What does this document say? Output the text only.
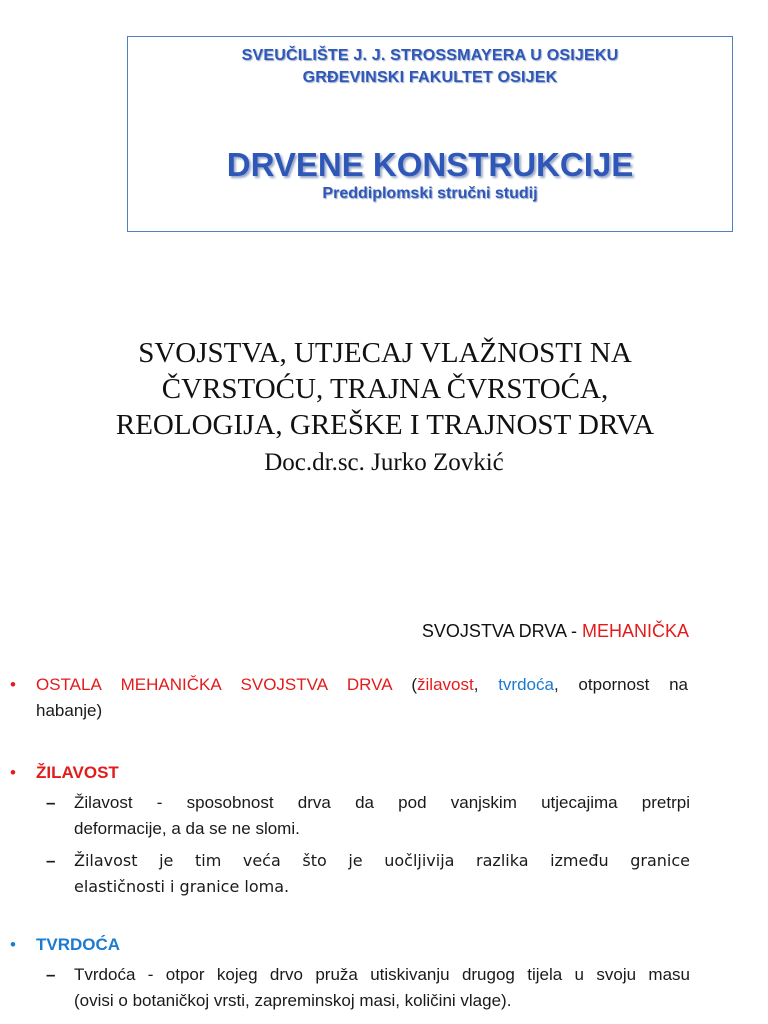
SVEUČILIŠTE J. J. STROSSMAYERA U OSIJEKU
GRĐEVINSKI FAKULTET OSIJEK
DRVENE KONSTRUKCIJE
Preddiplomski stručni studij
SVOJSTVA, UTJECAJ VLAŽNOSTI NA
ČVRSTOĆU, TRAJNA ČVRSTOĆA,
REOLOGIJA, GREŠKE I TRAJNOST DRVA
Doc.dr.sc. Jurko Zovkić
SVOJSTVA DRVA - MEHANIČKA
• OSTALA MEHANIČKA SVOJSTVA DRVA (žilavost, tvrdoća, otpornost na
habanje)
• ŽILAVOST
–	Žilavost - sposobnost drva da pod vanjskim utjecajima pretrpi
deformacije, a da se ne slomi.
–	Žilavost je tim veća što je uočljivija razlika između granice
elastičnosti i granice loma.
• TVRDOĆA
–	Tvrdoća - otpor kojeg drvo pruža utiskivanju drugog tijela u svoju masu
(ovisi o botaničkoj vrsti, zapreminskoj masi, količini vlage).
